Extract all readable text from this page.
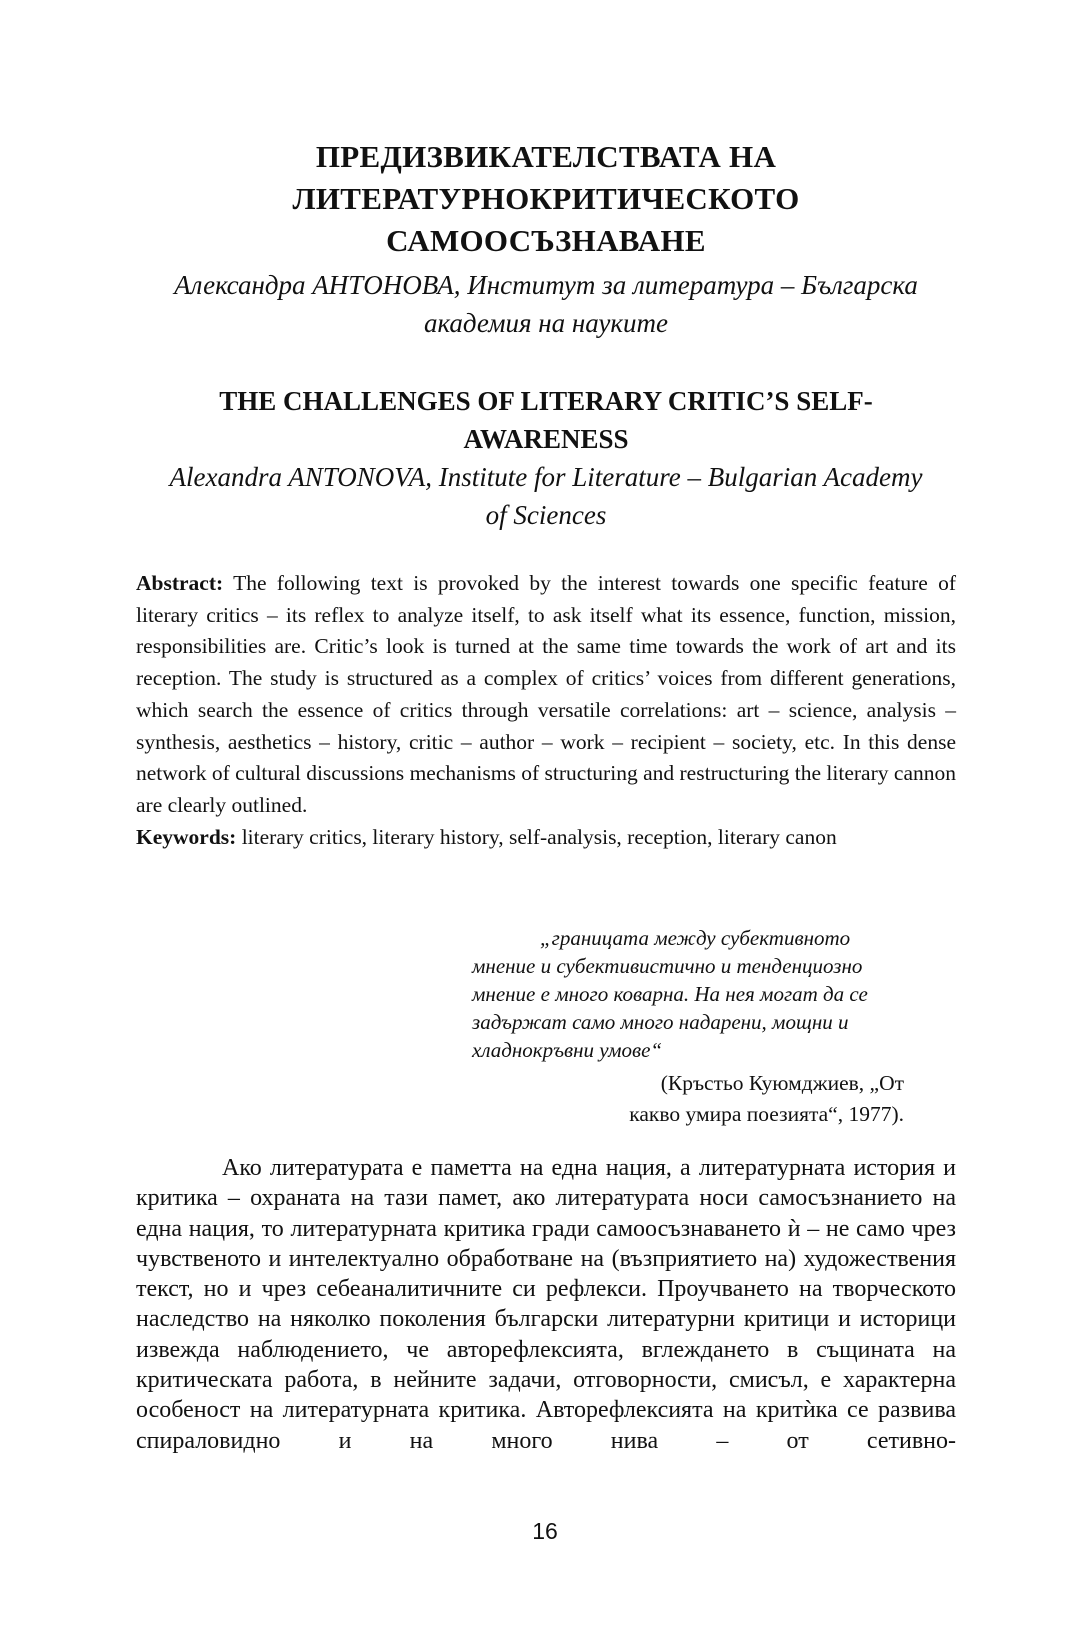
ПРЕДИЗВИКАТЕЛСТВАТА НА
ЛИТЕРАТУРНОКРИТИЧЕСКОТО
САМООСЪЗНАВАНЕ
Александра АНТОНОВА, Институт за литература – Българска
академия на науките
THE CHALLENGES OF LITERARY CRITIC’S SELF-
AWARENESS
Alexandra ANTONOVA, Institute for Literature – Bulgarian Academy
of Sciences
Abstract: The following text is provoked by the interest towards one specific feature of literary critics – its reflex to analyze itself, to ask itself what its essence, function, mission, responsibilities are. Critic’s look is turned at the same time towards the work of art and its reception. The study is structured as a complex of critics’ voices from different generations, which search the essence of critics through versatile correlations: art – science, analysis – synthesis, aesthetics – history, critic – author – work – recipient – society, etc. In this dense network of cultural discussions mechanisms of structuring and restructuring the literary cannon are clearly outlined.
Keywords: literary critics, literary history, self-analysis, reception, literary canon
„границата между субективното
мнение и субективистично и тенденциозно
мнение е много коварна. На нея могат да се
задържат само много надарени, мощни и
хладнокръвни умове“
(Кръстьо Куюмджиев, „От
какво умира поезията“, 1977).
Ако литературата е паметта на една нация, а литературната история и критика – охраната на тази памет, ако литературата носи самосъзнанието на една нация, то литературната критика гради самоосъзнаването ѝ – не само чрез чувственото и интелектуално обработване на (възприятието на) художествения текст, но и чрез себеаналитичните си рефлекси. Проучването на творческото наследство на няколко поколения български литературни критици и историци извежда наблюдението, че авторефлексията, вглеждането в същината на критическата работа, в нейните задачи, отговорности, смисъл, е характерна особеност на литературната критика. Авторефлексията на критѝка се развива спираловидно и на много нива – от сетивно-
16
